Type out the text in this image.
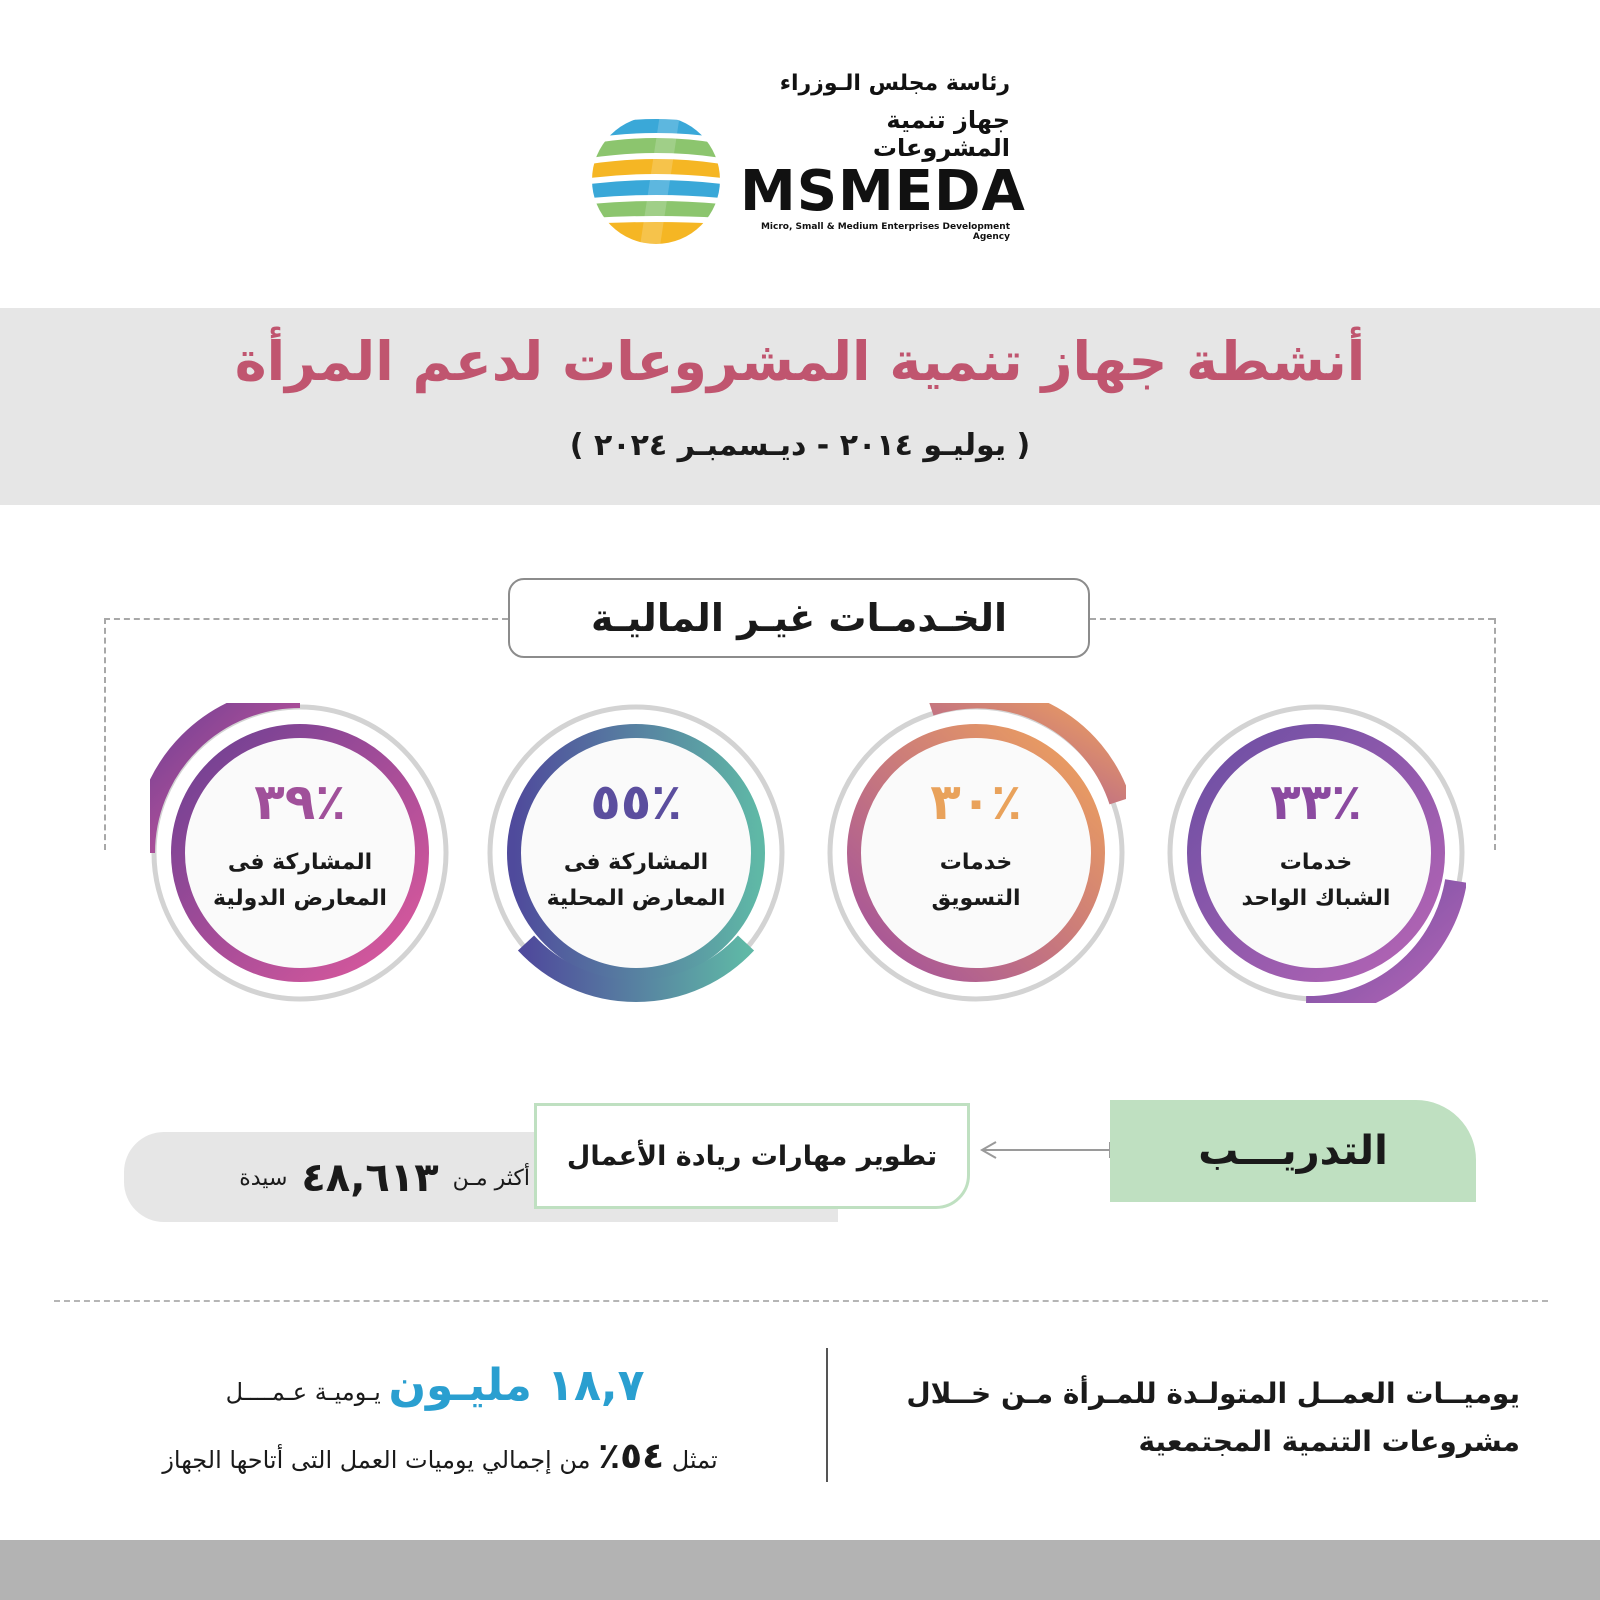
رئاسة مجلس الـوزراء
جهاز تنمية
المشروعات
MSMEDA
Micro, Small & Medium Enterprises Development Agency
أنشطة جهاز تنمية المشروعات لدعم المرأة
( يوليـو ٢٠١٤ - ديـسمبـر ٢٠٢٤ )
الخـدمـات غيـر الماليـة
٣٣٪
خدمات
الشباك الواحد
٣٠٪
خدمات
التسويق
٥٥٪
المشاركة فى
المعارض المحلية
٣٩٪
المشاركة فى
المعارض الدولية
أكثر مـن
٤٨,٦١٣
سيدة
تطوير مهارات ريادة الأعمال	التدريـــب
يوميــات العمــل المتولـدة للمـرأة مـن خــلال
مشروعات التنمية المجتمعية
١٨,٧ مليـون يـوميـة عـمــــل
تمثل ٥٤٪ من إجمالي يوميات العمل التى أتاحها الجهاز
